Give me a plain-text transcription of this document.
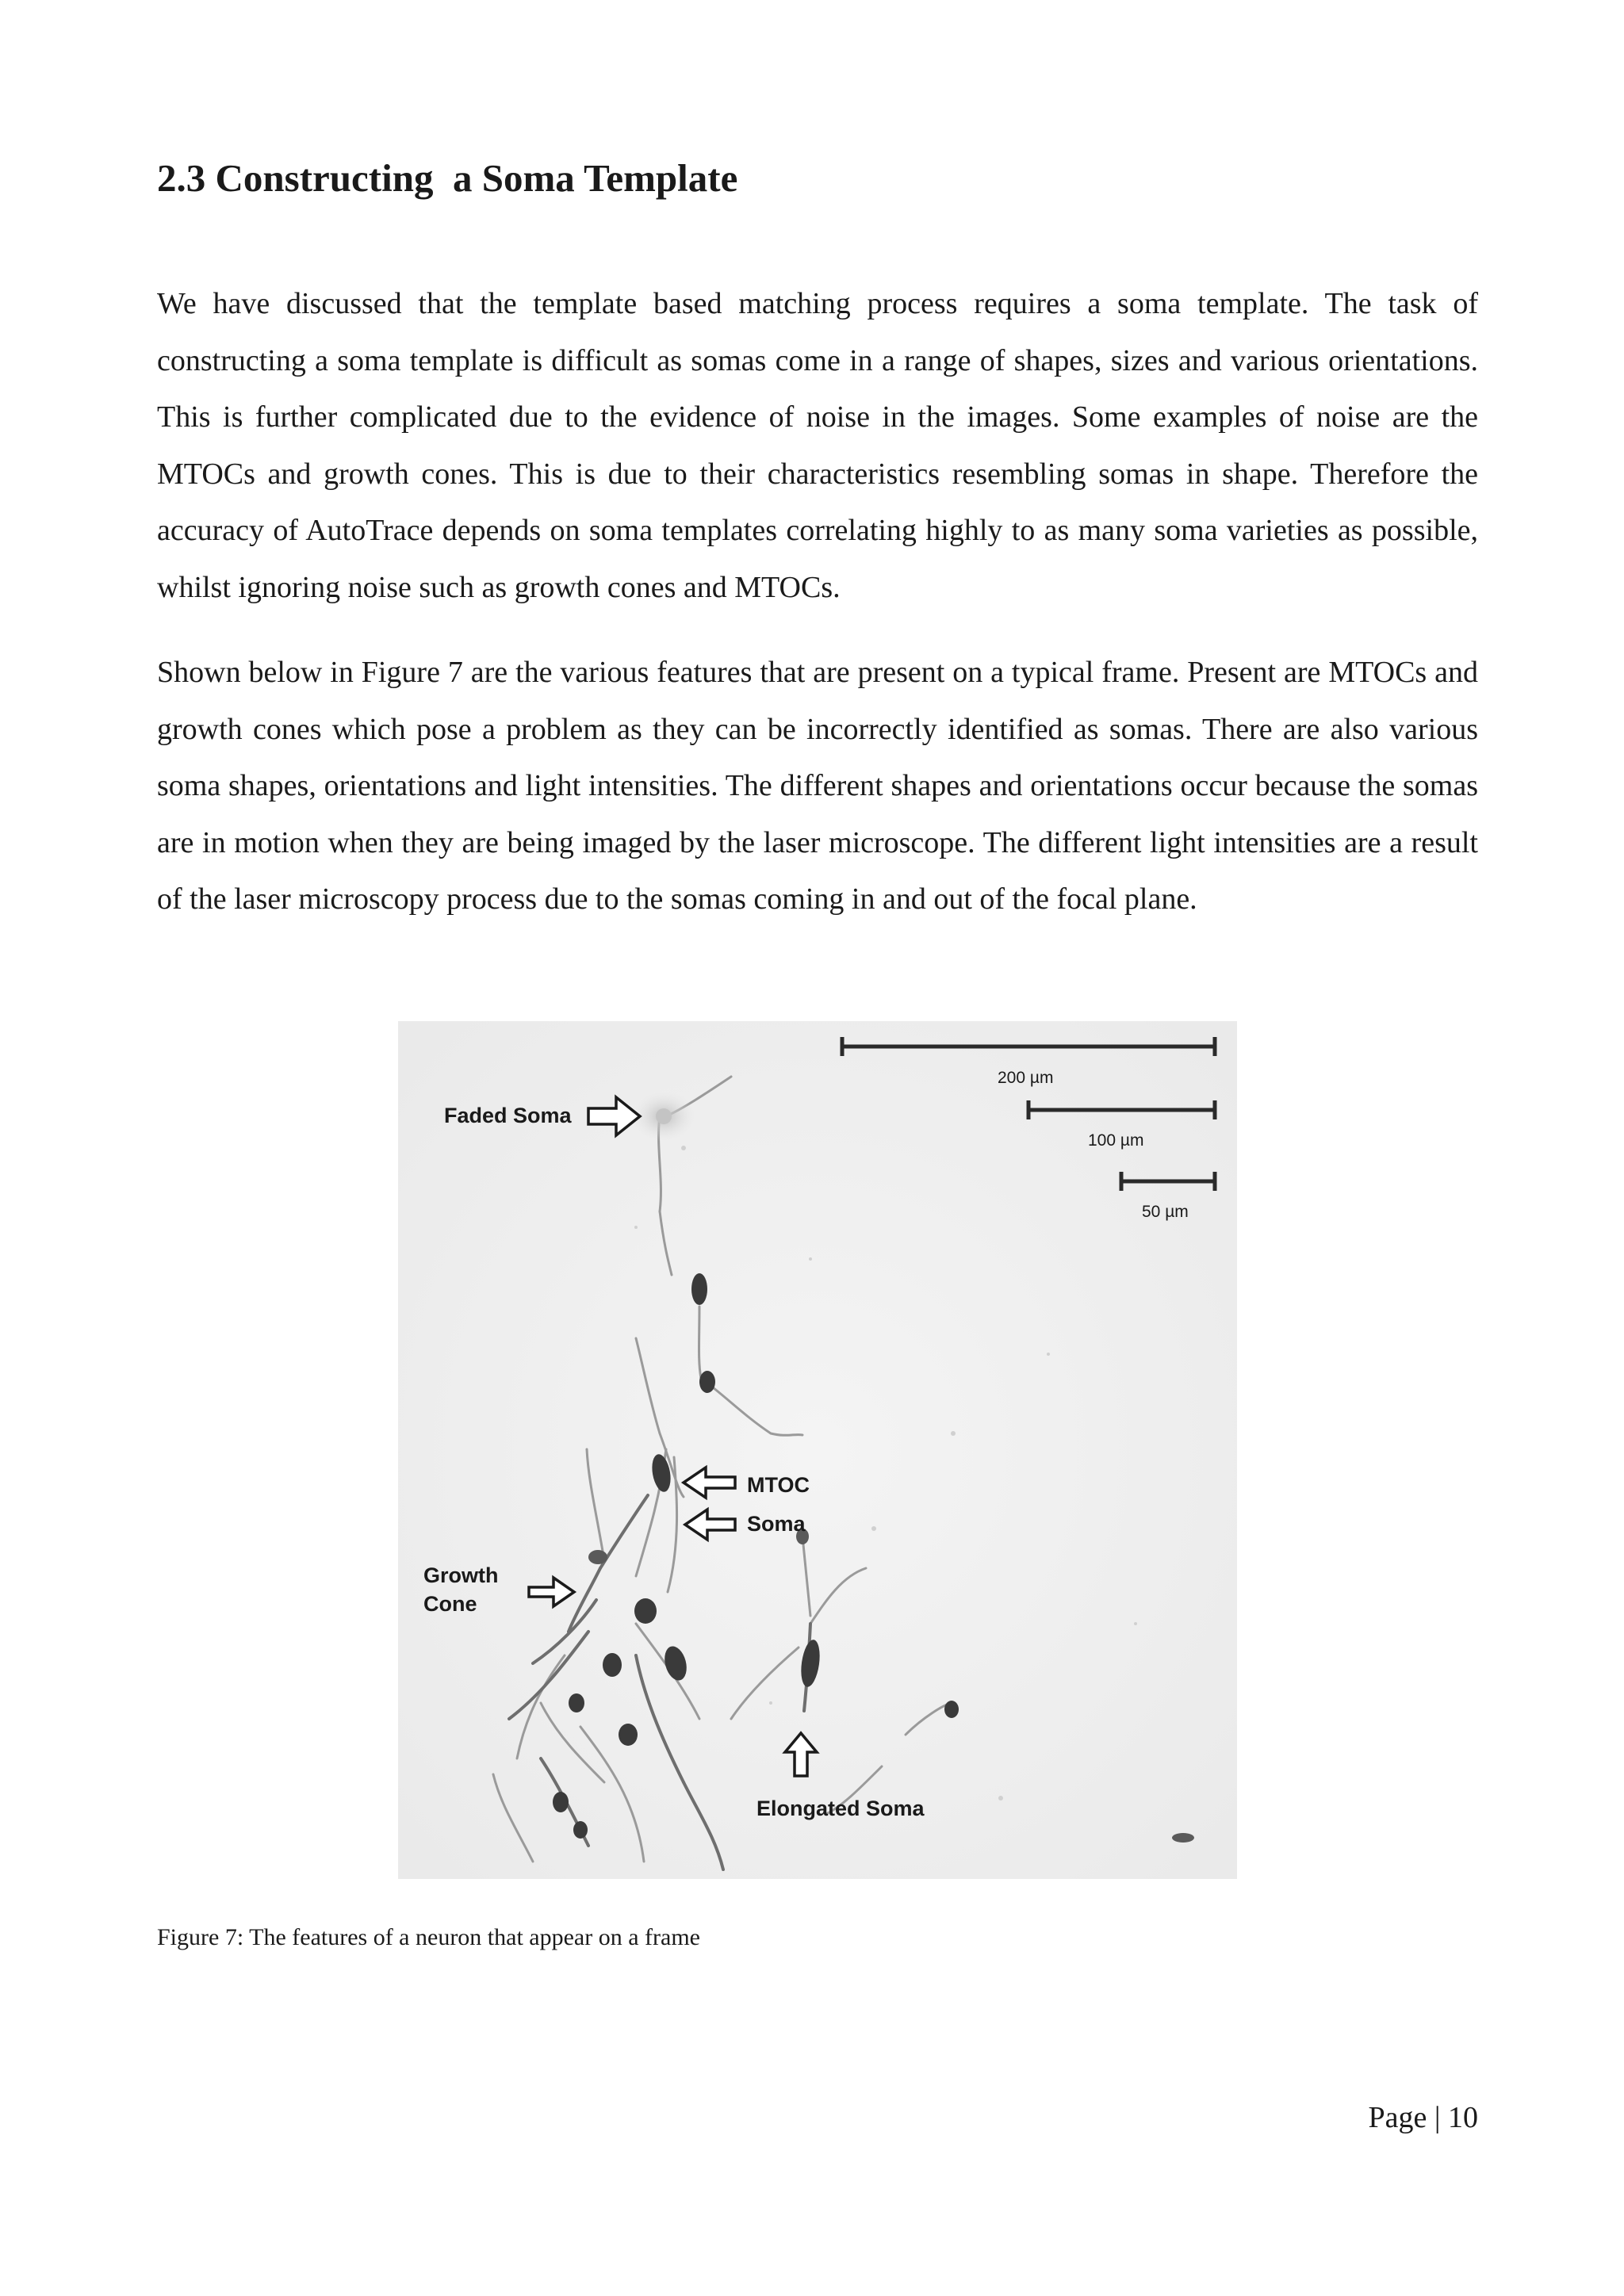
2.3 Constructing  a Soma Template

We have discussed that the template based matching process requires a soma template. The task of constructing a soma template is difficult as somas come in a range of shapes, sizes and various orientations. This is further complicated due to the evidence of noise in the images. Some examples of noise are the MTOCs and growth cones. This is due to their characteristics resembling somas in shape. Therefore the accuracy of AutoTrace depends on soma templates correlating highly to as many soma varieties as possible, whilst ignoring noise such as growth cones and MTOCs.

Shown below in Figure 7 are the various features that are present on a typical frame. Present are MTOCs and growth cones which pose a problem as they can be incorrectly identified as somas. There are also various soma shapes, orientations and light intensities. The different shapes and orientations occur because the somas are in motion when they are being imaged by the laser microscope. The different light intensities are a result of the laser microscopy process due to the somas coming in and out of the focal plane.

200 µm
100 µm
50 µm
Faded Soma
MTOC
Soma
Growth
Cone
Elongated Soma

Figure 7: The features of a neuron that appear on a frame

Page | 10
